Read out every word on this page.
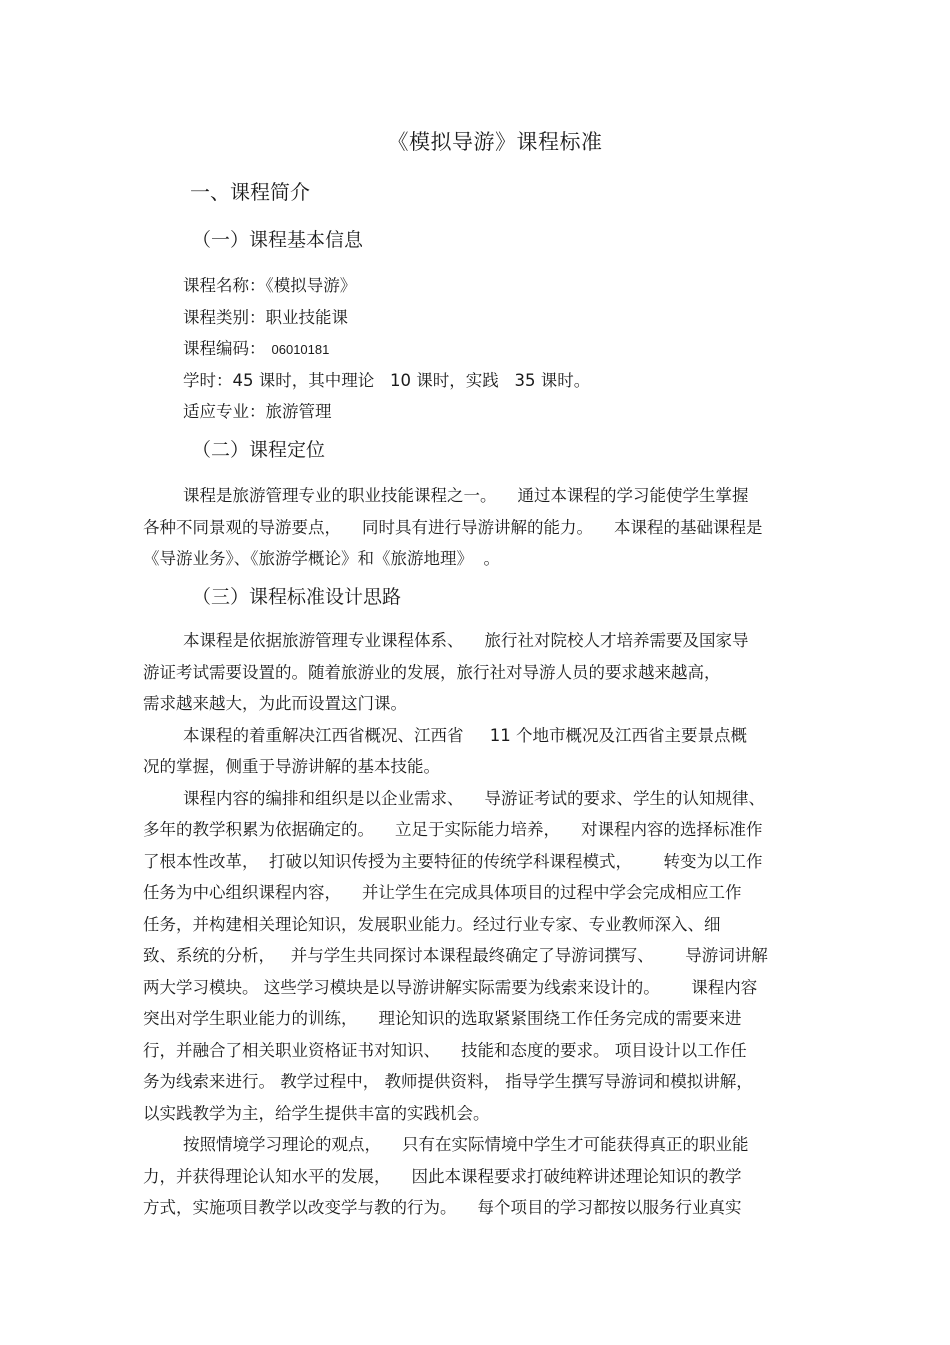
《模拟导游》课程标准
一、课程简介
（一）课程基本信息
课程名称：《模拟导游》
课程类别：职业技能课
课程编码： 06010181
学时：45 课时，其中理论   10 课时，实践   35 课时。
适应专业：旅游管理
（二）课程定位
课程是旅游管理专业的职业技能课程之一。    通过本课程的学习能使学生掌握
各种不同景观的导游要点，    同时具有进行导游讲解的能力。    本课程的基础课程是
《导游业务》、《旅游学概论》和《旅游地理》  。
（三）课程标准设计思路
本课程是依据旅游管理专业课程体系、    旅行社对院校人才培养需要及国家导
游证考试需要设置的。随着旅游业的发展，旅行社对导游人员的要求越来越高，
需求越来越大，为此而设置这门课。
本课程的着重解决江西省概况、江西省     11 个地市概况及江西省主要景点概
况的掌握，侧重于导游讲解的基本技能。
课程内容的编排和组织是以企业需求、    导游证考试的要求、学生的认知规律、
多年的教学积累为依据确定的。    立足于实际能力培养，    对课程内容的选择标准作
了根本性改革，  打破以知识传授为主要特征的传统学科课程模式，      转变为以工作
任务为中心组织课程内容，    并让学生在完成具体项目的过程中学会完成相应工作
任务，并构建相关理论知识，发展职业能力。经过行业专家、专业教师深入、细
致、系统的分析，   并与学生共同探讨本课程最终确定了导游词撰写、      导游词讲解
两大学习模块。 这些学习模块是以导游讲解实际需要为线索来设计的。      课程内容
突出对学生职业能力的训练，    理论知识的选取紧紧围绕工作任务完成的需要来进
行，并融合了相关职业资格证书对知识、    技能和态度的要求。 项目设计以工作任
务为线索来进行。 教学过程中， 教师提供资料， 指导学生撰写导游词和模拟讲解，
以实践教学为主，给学生提供丰富的实践机会。
按照情境学习理论的观点，    只有在实际情境中学生才可能获得真正的职业能
力，并获得理论认知水平的发展，    因此本课程要求打破纯粹讲述理论知识的教学
方式，实施项目教学以改变学与教的行为。    每个项目的学习都按以服务行业真实
